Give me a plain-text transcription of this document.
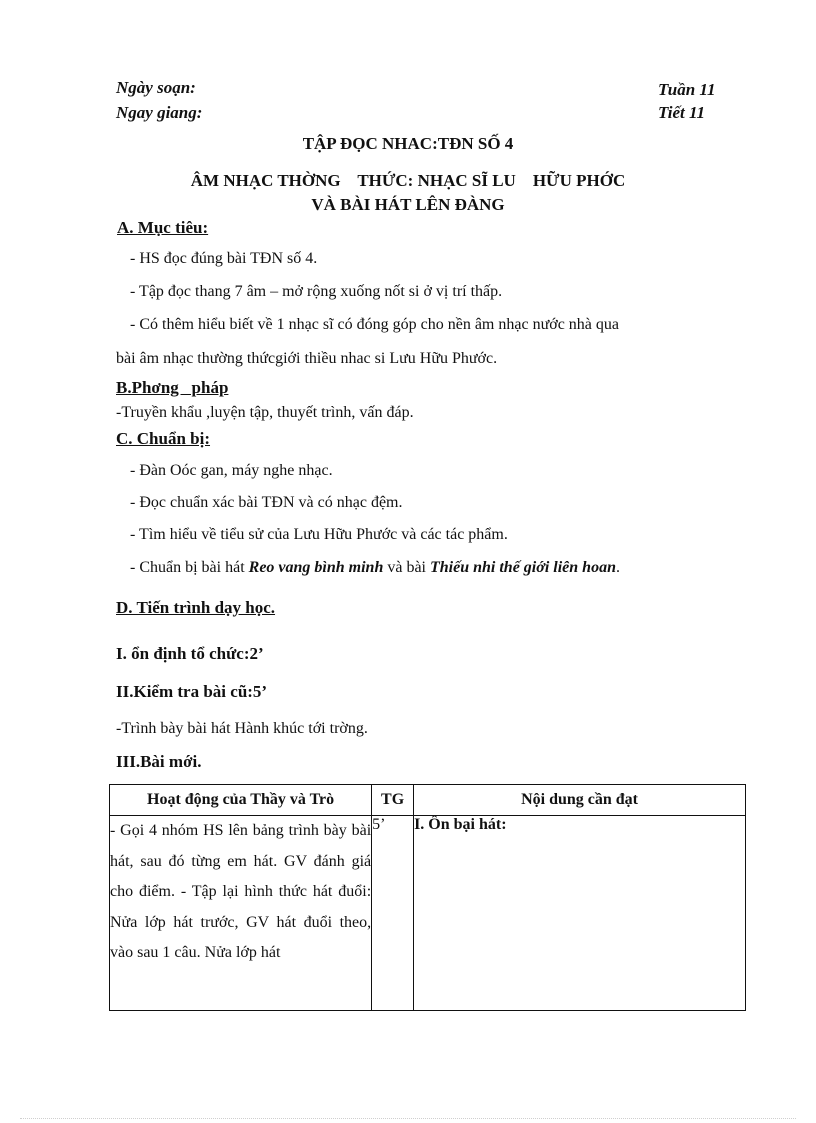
Ngày soạn:
Ngay giang:
Tuần 11
Tiết 11
TẬP ĐỌC NHAC:TĐN SỐ 4
ÂM NHẠC THỜNG    THỨC: NHẠC SĨ LU    HỮU PHỚC
VÀ BÀI HÁT LÊN ĐÀNG
A. Mục tiêu:
- HS đọc đúng bài TĐN số 4.
- Tập đọc thang 7 âm – mở rộng xuống nốt si ở vị trí thấp.
- Có thêm hiểu biết về 1 nhạc sĩ có đóng góp cho nền âm nhạc nước nhà qua
bài âm nhạc thường thứcgiới thiều nhac si Lưu Hữu Phước.
B.Phơng   pháp
-Truyền khẩu ,luyện tập, thuyết trình, vấn đáp.
C. Chuẩn bị:
- Đàn Oóc gan, máy nghe nhạc.
- Đọc chuẩn xác bài TĐN và có nhạc đệm.
- Tìm hiểu về tiểu sử của Lưu Hữu Phước và các tác phẩm.
- Chuẩn bị bài hát Reo vang bình minh và bài Thiếu nhi thế giới liên hoan.
D. Tiến trình dạy học.
I. ổn định tổ chức:2’
II.Kiểm tra bài cũ:5’
-Trình bày bài hát Hành khúc tới trờng.
III.Bài mới.
Hoạt động của Thầy và Trò	TG	Nội dung cần đạt
- Gọi 4 nhóm HS lên bảng trình bày bài hát, sau đó từng em hát. GV đánh giá cho điểm. - Tập lại hình thức hát đuổi: Nửa lớp hát trước, GV hát đuổi theo, vào sau 1 câu. Nửa lớp hát	5’	I. Ôn bại hát:
